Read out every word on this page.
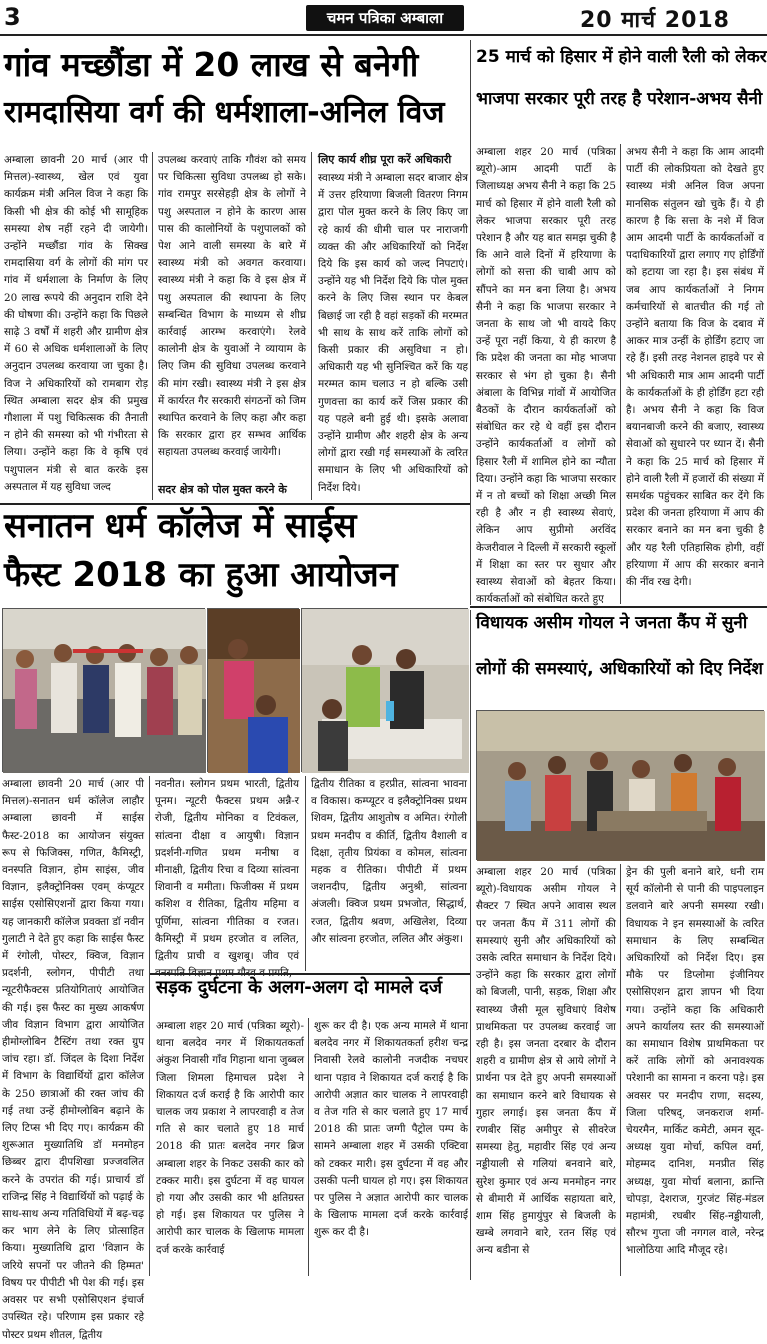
3	चमन पत्रिका अम्बाला	20 मार्च 2018
गांव मच्छौंडा में 20 लाख से बनेगी
रामदासिया वर्ग की धर्मशाला-अनिल विज
अम्बाला छावनी 20 मार्च (आर पी मित्तल)-स्वास्थ्य, खेल एवं युवा कार्यक्रम मंत्री अनिल विज ने कहा कि किसी भी क्षेत्र की कोई भी सामूहिक समस्या शेष नहीं रहने दी जायेगी। उन्होंने मच्छौंडा गांव के सिक्ख रामदासिया वर्ग के लोगों की मांग पर गांव में धर्मशाला के निर्माण के लिए 20 लाख रूपये की अनुदान राशि देने की घोषणा की। उन्होंने कहा कि पिछले साढ़े 3 वर्षों में शहरी और ग्रामीण क्षेत्र में 60 से अधिक धर्मशालाओं के लिए अनुदान उपलब्ध करवाया जा चुका है। विज ने अधिकारियों को रामबाग रोड़ स्थित अम्बाला सदर क्षेत्र की प्रमुख गौशाला में पशु चिकित्सक की तैनाती न होने की समस्या को भी गंभीरता से लिया। उन्होंने कहा कि वे कृषि एवं पशुपालन मंत्री से बात करके इस अस्पताल में यह सुविधा जल्द
उपलब्ध करवाएं ताकि गौवंश को समय पर चिकित्सा सुविधा उपलब्ध हो सके। गांव रामपुर सरसेहड़ी क्षेत्र के लोगों ने पशु अस्पताल न होने के कारण आस पास की कालोनियों के पशुपालकों को पेश आने वाली समस्या के बारे में स्वास्थ्य मंत्री को अवगत करवाया। स्वास्थ्य मंत्री ने कहा कि वे इस क्षेत्र में पशु अस्पताल की स्थापना के लिए सम्बन्धित विभाग के माध्यम से शीघ्र कार्रवाई आरम्भ करवाएंगे। रेलवे कालोनी क्षेत्र के युवाओं ने व्यायाम के लिए जिम की सुविधा उपलब्ध करवाने की मांग रखी। स्वास्थ्य मंत्री ने इस क्षेत्र में कार्यरत गैर सरकारी संगठनों को जिम स्थापित करवाने के लिए कहा और कहा कि सरकार द्वारा हर सम्भव आर्थिक सहायता उपलब्ध करवाई जायेगी।
सदर क्षेत्र को पोल मुक्त करने के
लिए कार्य शीघ्र पूरा करें अधिकारी
स्वास्थ्य मंत्री ने अम्बाला सदर बाजार क्षेत्र में उत्तर हरियाणा बिजली वितरण निगम द्वारा पोल मुक्त करने के लिए किए जा रहे कार्य की धीमी चाल पर नाराजगी व्यक्त की और अधिकारियों को निर्देश दिये कि इस कार्य को जल्द निपटाएं। उन्होंने यह भी निर्देश दिये कि पोल मुक्त करने के लिए जिस स्थान पर केबल बिछाई जा रही है वहां सड़कों की मरम्मत भी साथ के साथ करें ताकि लोगों को किसी प्रकार की असुविधा न हो। अधिकारी यह भी सुनिश्चित करें कि यह मरम्मत काम चलाउ न हो बल्कि उसी गुणवत्ता का कार्य करें जिस प्रकार की यह पहले बनी हुई थी। इसके अलावा उन्होंने ग्रामीण और शहरी क्षेत्र के अन्य लोगों द्वारा रखी गई समस्याओं के त्वरित समाधान के लिए भी अधिकारियों को निर्देश दिये।
25 मार्च को हिसार में होने वाली रैली को लेकर
भाजपा सरकार पूरी तरह है परेशान-अभय सैनी
अम्बाला शहर 20 मार्च (पत्रिका ब्यूरो)-आम आदमी पार्टी के जिलाध्यक्ष अभय सैनी ने कहा कि 25 मार्च को हिसार में होने वाली रैली को लेकर भाजपा सरकार पूरी तरह परेशान है और यह बात समझ चुकी है कि आने वाले दिनों में हरियाणा के लोगों को सत्ता की चाबी आप को सौंपने का मन बना लिया है। अभय सैनी ने कहा कि भाजपा सरकार ने जनता के साथ जो भी वायदे किए उन्हें पूरा नहीं किया, ये ही कारण है कि प्रदेश की जनता का मोह भाजपा सरकार से भंग हो चुका है। सैनी अंबाला के विभिन्न गांवों में आयोजित बैठकों के दौरान कार्यकर्ताओं को संबोधित कर रहे थे वहीं इस दौरान उन्होंने कार्यकर्ताओं व लोगों को हिसार रैली में शामिल होने का न्यौता दिया। उन्होंने कहा कि भाजपा सरकार में न तो बच्चों को शिक्षा अच्छी मिल रही है और न ही स्वास्थ्य सेवाएं, लेकिन आप सुप्रीमो अरविंद केजरीवाल ने दिल्ली में सरकारी स्कूलों में शिक्षा का स्तर पर सुधार और स्वास्थ्य सेवाओं को बेहतर किया। कार्यकर्ताओं को संबोधित करते हुए
अभय सैनी ने कहा कि आम आदमी पार्टी की लोकप्रियता को देखते हुए स्वास्थ्य मंत्री अनिल विज अपना मानसिक संतुलन खो चुके हैं। ये ही कारण है कि सत्ता के नशे में विज आम आदमी पार्टी के कार्यकर्ताओं व पदाधिकारियों द्वारा लगाए गए होर्डिंगों को हटाया जा रहा है। इस संबंध में जब आप कार्यकर्ताओं ने निगम कर्मचारियों से बातचीत की गई तो उन्होंने बताया कि विज के दबाव में आकर मात्र उन्हीं के होर्डिंग हटाए जा रहे हैं। इसी तरह नेशनल हाइवे पर से भी अधिकारी मात्र आम आदमी पार्टी के कार्यकर्ताओं के ही होर्डिंग हटा रही है। अभय सैनी ने कहा कि विज बयानबाजी करने की बजाए, स्वास्थ्य सेवाओं को सुधारने पर ध्यान दें। सैनी ने कहा कि 25 मार्च को हिसार में होने वाली रैली में हजारों की संख्या में समर्थक पहुंचकर साबित कर देंगे कि प्रदेश की जनता हरियाणा में आप की सरकार बनाने का मन बना चुकी है और यह रैली एतिहासिक होगी, वहीं हरियाणा में आप की सरकार बनाने की नींव रख देगी।
सनातन धर्म कॉलेज में साईस
फैस्ट 2018 का हुआ आयोजन
अम्बाला छावनी 20 मार्च (आर पी मित्तल)-सनातन धर्म कॉलेज लाहौर अम्बाला छावनी में साईस फैस्ट-2018 का आयोजन संयुक्त रूप से फिजिक्स, गणित, कैमिस्ट्री, वनस्पति विज्ञान, होम साइंस, जीव विज्ञान, इलैक्ट्रोनिक्स एवम् कंप्यूटर साईस एसोसिएशनों द्वारा किया गया। यह जानकारी कॉलेज प्रवक्ता डॉ नवीन गुलाटी ने देते हुए कहा कि साईस फैस्ट में रंगोली, पोस्टर, क्विज, विज्ञान प्रदर्शनी, स्लोगन, पीपीटी तथा न्यूटरीफैक्टस प्रतियोगिताएं आयोजित की गई। इस फैस्ट का मुख्य आकर्षण जीव विज्ञान विभाग द्वारा आयोजित हीमोग्लोबिन टैस्टिंग तथा रक्त ग्रुप जांच रहा। डॉ. जिंदल के दिशा निर्देश में विभाग के विद्यार्थियों द्वारा कॉलेज के 250 छात्राओं की रक्त जांच की गई तथा उन्हें हीमोग्लोबिन बढ़ाने के लिए टिप्स भी दिए गए। कार्यक्रम की शुरूआत मुख्यातिथि डॉ मनमोहन छिब्बर द्वारा दीपशिखा प्रज्जवलित करने के उपरांत की गई। प्राचार्य डॉ राजिन्द्र सिंह ने विद्यार्थियों को पढ़ाई के साथ-साथ अन्य गतिविधियों में बढ़-चढ़ कर भाग लेने के लिए प्रोत्साहित किया। मुख्यातिथि द्वारा 'विज्ञान के जरिये सपनों पर जीतने की हिम्मत' विषय पर पीपीटी भी पेश की गई। इस अवसर पर सभी एसोसिएशन इंचार्ज उपस्थित रहे। परिणाम इस प्रकार रहे पोस्टर प्रथम शीतल, द्वितीय
नवनीत। स्लोगन प्रथम भारती, द्वितीय पूनम। न्यूटरी फैक्टस प्रथम अन्नै-र रोजी, द्वितीय मोनिका व टिवंकल, सांत्वना दीक्षा व आयुषी। विज्ञान प्रदर्शनी-गणित प्रथम मनीषा व मीनाक्षी, द्वितीय रिचा व दिव्या सांत्वना शिवानी व ममीता। फिजीक्स में प्रथम कशिश व रीतिका, द्वितीय महिमा व पूर्णिमा, सांत्वना गीतिका व रजत। कैमिस्ट्री में प्रथम हरजोत व ललित, द्वितीय प्राची व खुशबू। जीव एवं
द्वितीय रीतिका व हरप्रीत, सांत्वना भावना व विकास। कम्प्यूटर व इलैक्ट्रोनिक्स प्रथम शिवम, द्वितीय आशुतोष व अमित। रंगोली प्रथम मनदीप व कीर्ति, द्वितीय वैशाली व दिक्षा, तृतीय प्रियंका व कोमल, सांत्वना महक व रीतिका। पीपीटी में प्रथम जशनदीप, द्वितीय अनुश्री, सांत्वना अंजली। क्विज प्रथम प्रभजोत, सिद्धार्थ, रजत, द्वितीय श्रवण, अखिलेश, दिव्या और सांत्वना हरजोत, ललित और अंकुश।
सड़क दुर्घटना के अलग-अलग दो मामले दर्ज
अम्बाला शहर 20 मार्च (पत्रिका ब्यूरो)-थाना बलदेव नगर में शिकायतकर्ता अंकुश निवासी गाँव गिहाना थाना जुब्बल जिला शिमला हिमाचल प्रदेश ने शिकायत दर्ज कराई है कि आरोपी कार चालक जय प्रकाश ने लापरवाही व तेज गति से कार चलाते हुए 18 मार्च 2018 की प्रातः बलदेव नगर ब्रिज अम्बाला शहर के निकट उसकी कार को टक्कर मारी। इस दुर्घटना में वह घायल हो गया और उसकी कार भी क्षतिग्रस्त हो गई। इस शिकायत पर पुलिस ने आरोपी कार चालक के खिलाफ मामला दर्ज करके कार्रवाई
शुरू कर दी है। एक अन्य मामले में थाना बलदेव नगर में शिकायतकर्ता हरीश चन्द्र निवासी रेलवे कालोनी नजदीक नचघर थाना पड़ाव ने शिकायत दर्ज कराई है कि आरोपी अज्ञात कार चालक ने लापरवाही व तेज गति से कार चलाते हुए 17 मार्च 2018 की प्रातः जग्गी पैट्रोल पम्प के सामने अम्बाला शहर में उसकी एक्टिवा को टक्कर मारी। इस दुर्घटना में वह और उसकी पत्नी घायल हो गए। इस शिकायत पर पुलिस ने अज्ञात आरोपी कार चालक के खिलाफ मामला दर्ज करके कार्रवाई शुरू कर दी है।
विधायक असीम गोयल ने जनता कैंप में सुनी
लोगों की समस्याएं, अधिकारियों को दिए निर्देश
अम्बाला शहर 20 मार्च (पत्रिका ब्यूरो)-विधायक असीम गोयल ने सैक्टर 7 स्थित अपने आवास स्थल पर जनता कैंप में 311 लोगों की समस्याएं सुनी और अधिकारियों को उसके त्वरित समाधान के निर्देश दिये। उन्होंने कहा कि सरकार द्वारा लोगों को बिजली, पानी, सड़क, शिक्षा और स्वास्थ्य जैसी मूल सुविधाएं विशेष प्राथमिकता पर उपलब्ध करवाई जा रही है। इस जनता दरबार के दौरान शहरी व ग्रामीण क्षेत्र से आये लोगों ने प्रार्थना पत्र देते हुए अपनी समस्याओं का समाधान करने बारे विधायक से गुहार लगाई। इस जनता कैंप में रणबीर सिंह अमीपुर से सीवरेज समस्या हेतु, महावीर सिंह एवं अन्य नड्डीयाली से गलियां बनवाने बारे, सुरेश कुमार एवं अन्य मनमोहन नगर से बीमारी में आर्थिक सहायता बारे, शाम सिंह हुमायुंपुर से बिजली के खम्बे लगवाने बारे, रतन सिंह एवं अन्य बडीना से
ड्रेन की पुली बनाने बारे, धनी राम सूर्य कॉलोनी से पानी की पाइपलाइन डलवाने बारे अपनी समस्या रखी। विधायक ने इन समस्याओं के त्वरित समाधान के लिए सम्बन्धित अधिकारियों को निर्देश दिए। इस मौके पर डिप्लोमा इंजीनियर एसोसिएशन द्वारा ज्ञापन भी दिया गया। उन्होंने कहा कि अधिकारी अपने कार्यालय स्तर की समस्याओं का समाधान विशेष प्राथमिकता पर करें ताकि लोगों को अनावश्यक परेशानी का सामना न करना पड़े। इस अवसर पर मनदीप राणा, सदस्य, जिला परिषद्, जनकराज शर्मा-चेयरमैन, मार्किट कमेटी, अमन सूद-अध्यक्ष युवा मोर्चा, कपिल वर्मा, मोहम्मद दानिश, मनप्रीत सिंह अध्यक्ष, युवा मोर्चा बलाना, क्रान्ति चोपड़ा, देशराज, गुरजंट सिंह-मंडल महामंत्री, रघबीर सिंह-नड्डीयाली, सौरभ गुप्ता जी नगगल वाले, नरेन्द्र भालोठिया आदि मौजूद रहे।
